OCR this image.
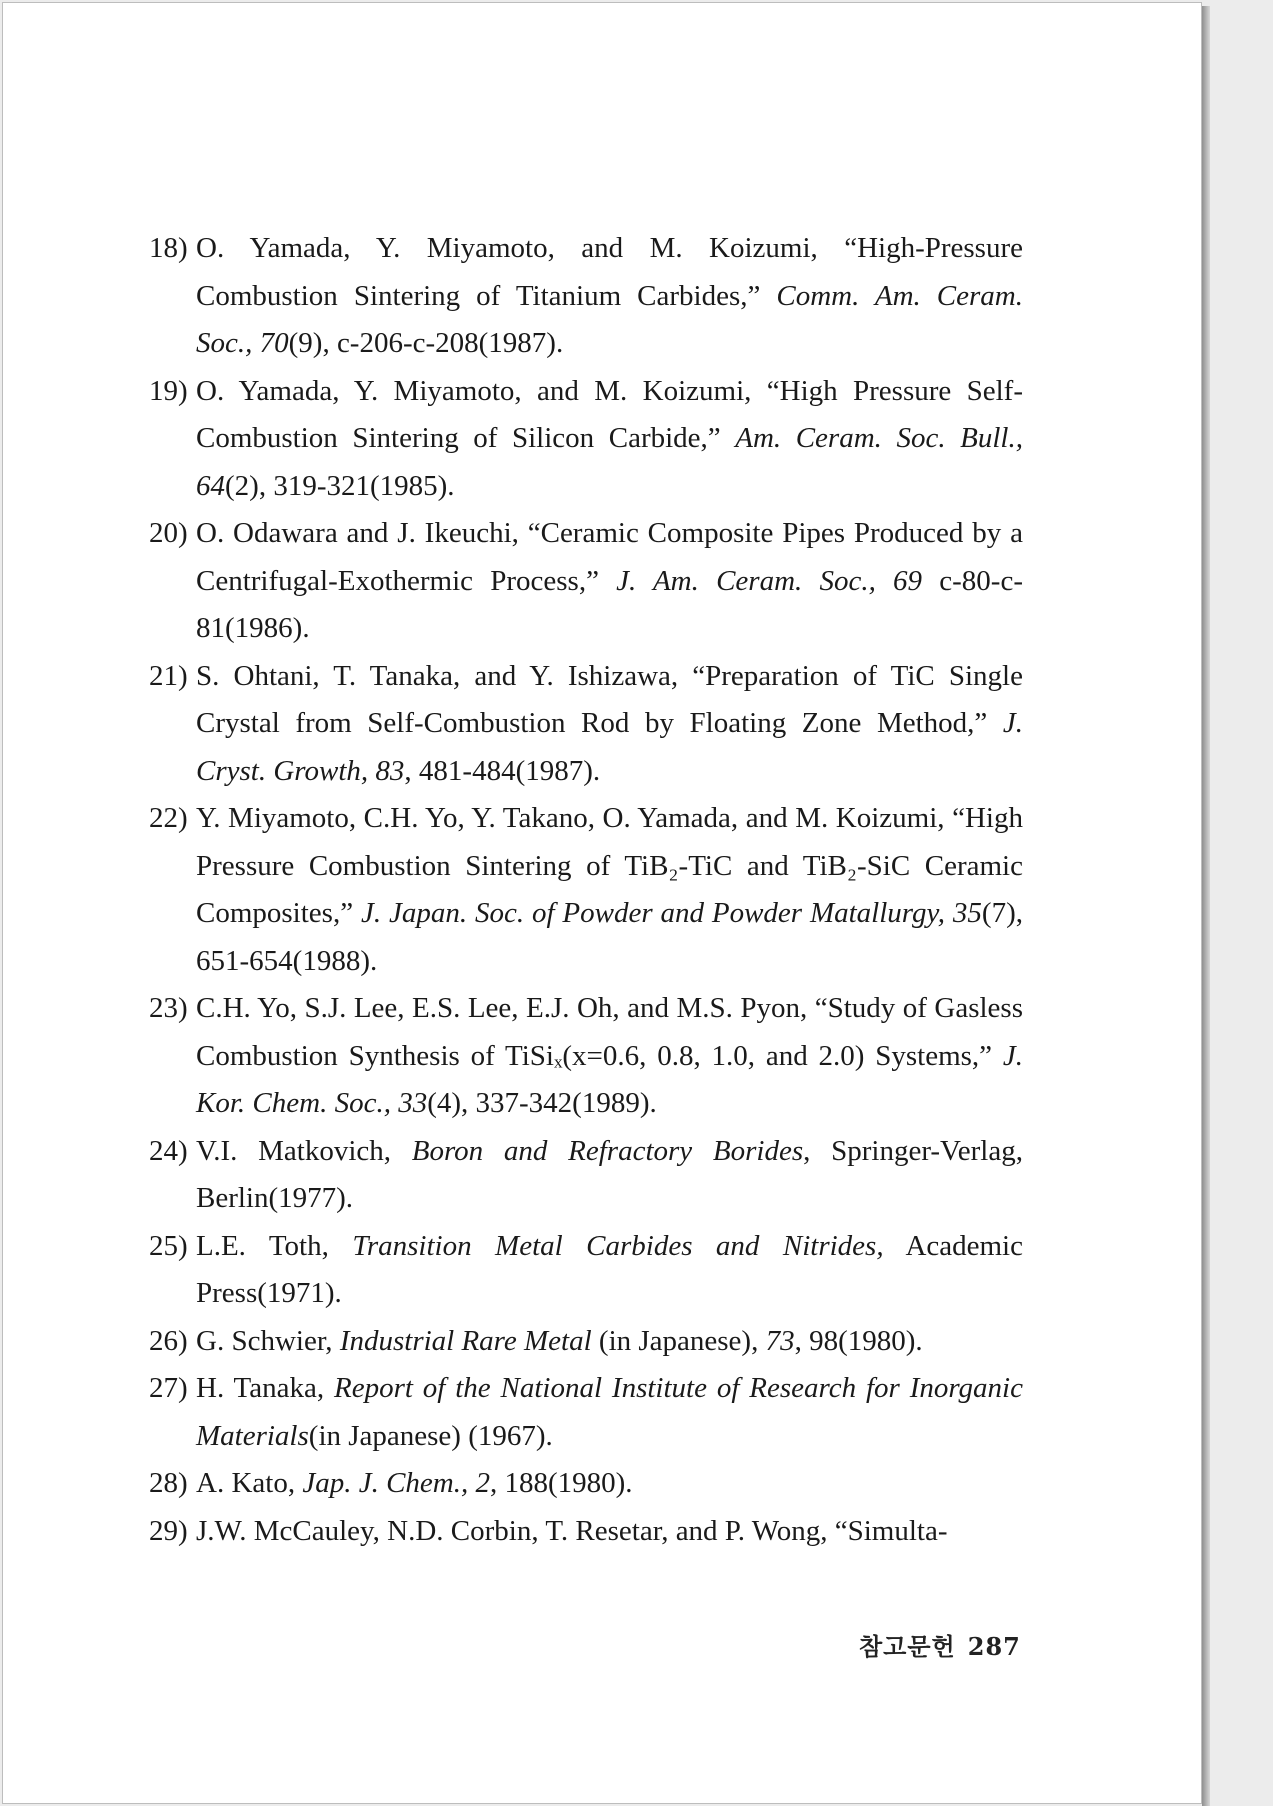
18) O. Yamada, Y. Miyamoto, and M. Koizumi, “High-Pressure Combustion Sintering of Titanium Carbides,” Comm. Am. Ceram. Soc., 70(9), c-206-c-208(1987).
19) O. Yamada, Y. Miyamoto, and M. Koizumi, “High Pressure Self-Combustion Sintering of Silicon Carbide,” Am. Ceram. Soc. Bull., 64(2), 319-321(1985).
20) O. Odawara and J. Ikeuchi, “Ceramic Composite Pipes Produced by a Centrifugal-Exothermic Process,” J. Am. Ceram. Soc., 69 c-80-c-81(1986).
21) S. Ohtani, T. Tanaka, and Y. Ishizawa, “Preparation of TiC Single Crystal from Self-Combustion Rod by Floating Zone Method,” J. Cryst. Growth, 83, 481-484(1987).
22) Y. Miyamoto, C.H. Yo, Y. Takano, O. Yamada, and M. Koizumi, “High Pressure Combustion Sintering of TiB₂-TiC and TiB₂-SiC Ceramic Composites,” J. Japan. Soc. of Powder and Powder Matallurgy, 35(7), 651-654(1988).
23) C.H. Yo, S.J. Lee, E.S. Lee, E.J. Oh, and M.S. Pyon, “Study of Gasless Combustion Synthesis of TiSiₓ(x=0.6, 0.8, 1.0, and 2.0) Systems,” J. Kor. Chem. Soc., 33(4), 337-342(1989).
24) V.I. Matkovich, Boron and Refractory Borides, Springer-Verlag, Berlin(1977).
25) L.E. Toth, Transition Metal Carbides and Nitrides, Academic Press(1971).
26) G. Schwier, Industrial Rare Metal (in Japanese), 73, 98(1980).
27) H. Tanaka, Report of the National Institute of Research for Inorganic Materials(in Japanese) (1967).
28) A. Kato, Jap. J. Chem., 2, 188(1980).
29) J.W. McCauley, N.D. Corbin, T. Resetar, and P. Wong, “Simulta-
참고문헌 287
